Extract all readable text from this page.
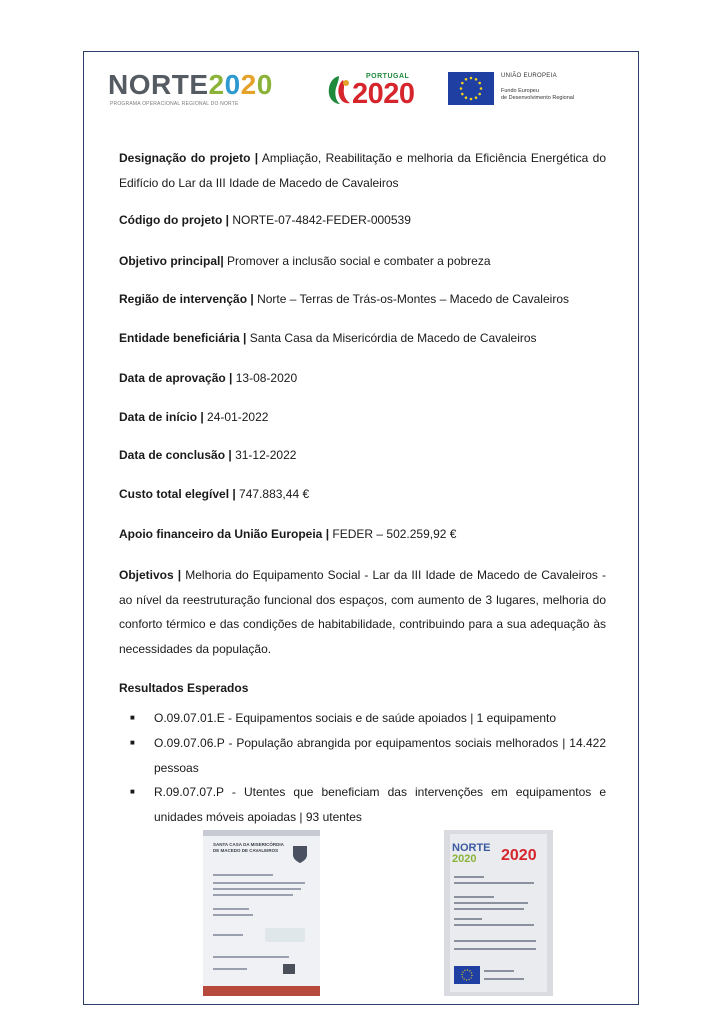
NORTE2020
PROGRAMA OPERACIONAL REGIONAL DO NORTE
PORTUGAL
2020
UNIÃO EUROPEIA
Fundo Europeu
de Desenvolvimento Regional
Designação do projeto | Ampliação, Reabilitação e melhoria da Eficiência Energética do Edifício do Lar da III Idade de Macedo de Cavaleiros
Código do projeto | NORTE-07-4842-FEDER-000539
Objetivo principal| Promover a inclusão social e combater a pobreza
Região de intervenção | Norte – Terras de Trás-os-Montes – Macedo de Cavaleiros
Entidade beneficiária | Santa Casa da Misericórdia de Macedo de Cavaleiros
Data de aprovação | 13-08-2020
Data de início | 24-01-2022
Data de conclusão | 31-12-2022
Custo total elegível | 747.883,44 €
Apoio financeiro da União Europeia | FEDER – 502.259,92 €
Objetivos | Melhoria do Equipamento Social - Lar da III Idade de Macedo de Cavaleiros - ao nível da reestruturação funcional dos espaços, com aumento de 3 lugares, melhoria do conforto térmico e das condições de habitabilidade, contribuindo para a sua adequação às necessidades da população.
Resultados Esperados
■	O.09.07.01.E - Equipamentos sociais e de saúde apoiados | 1 equipamento
■	O.09.07.06.P - População abrangida por equipamentos sociais melhorados | 14.422 pessoas
■	R.09.07.07.P - Utentes que beneficiam das intervenções em equipamentos e unidades móveis apoiadas | 93 utentes
SANTA CASA DA MISERICÓRDIA DE MACEDO DE CAVALEIROS	NORTE
2020	2020
